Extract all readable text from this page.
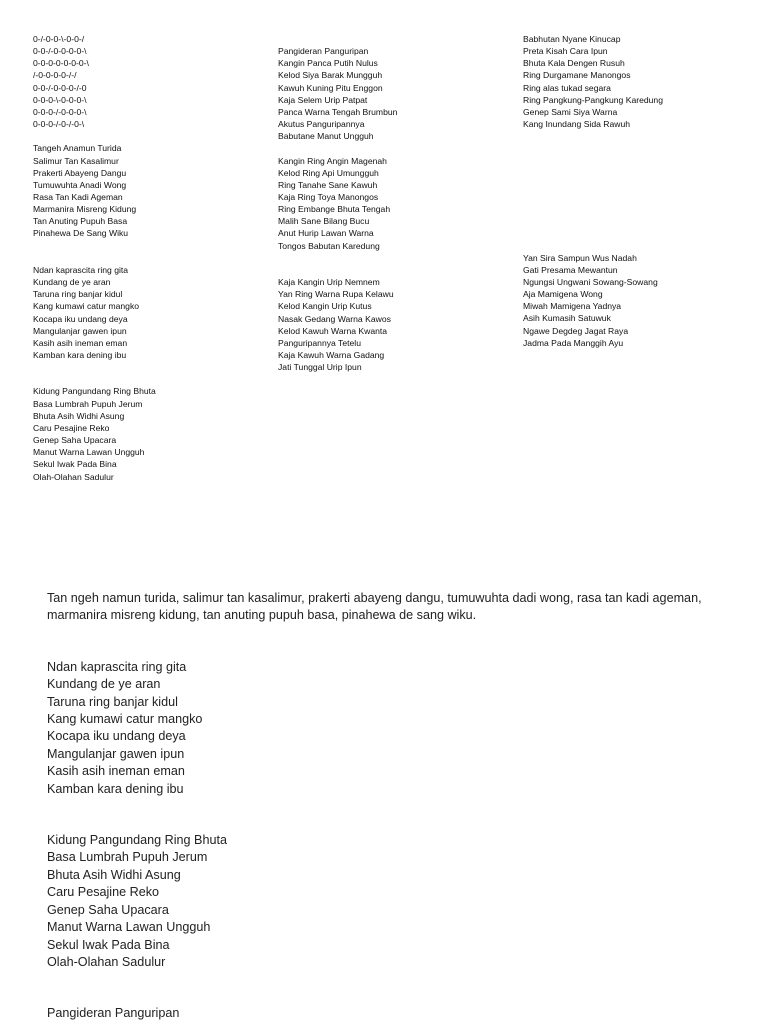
0-/-0-0-\-0-0-/
0-0-/-0-0-0-0-\
0-0-0-0-0-0-0-\
/-0-0-0-0-/-/
0-0-/-0-0-0-/-0
0-0-0-\-0-0-0-\
0-0-0-/-0-0-0-\
0-0-0-/-0-/-0-\
Tangeh Anamun Turida
Salimur Tan Kasalimur
Prakerti Abayeng Dangu
Tumuwuhta Anadi Wong
Rasa Tan Kadi Ageman
Marmanira Misreng Kidung
Tan Anuting Pupuh Basa
Pinahewa De Sang Wiku
Ndan kaprascita ring gita
Kundang de ye aran
Taruna ring banjar kidul
Kang kumawi catur mangko
Kocapa iku undang deya
Mangulanjar gawen ipun
Kasih asih ineman eman
Kamban kara dening ibu
Kidung Pangundang Ring Bhuta
Basa Lumbrah Pupuh Jerum
Bhuta Asih Widhi Asung
Caru Pesajine Reko
Genep Saha Upacara
Manut Warna Lawan Ungguh
Sekul Iwak Pada Bina
Olah-Olahan Sadulur
Pangideran Panguripan
Kangin Panca Putih Nulus
Kelod Siya Barak Mungguh
Kawuh Kuning Pitu Enggon
Kaja Selem Urip Patpat
Panca Warna Tengah Brumbun
Akutus Panguripannya
Babutane Manut Ungguh
Kangin Ring Angin Magenah
Kelod Ring Api Umungguh
Ring Tanahe Sane Kawuh
Kaja Ring Toya Manongos
Ring Embange Bhuta Tengah
Malih Sane Bilang Bucu
Anut Hurip Lawan Warna
Tongos Babutan Karedung
Kaja Kangin Urip Nemnem
Yan Ring Warna Rupa Kelawu
Kelod Kangin Urip Kutus
Nasak Gedang Warna Kawos
Kelod Kawuh Warna Kwanta
Panguripannya Tetelu
Kaja Kawuh Warna Gadang
Jati Tunggal Urip Ipun
Babhutan Nyane Kinucap
Preta Kisah Cara Ipun
Bhuta Kala Dengen Rusuh
Ring Durgamane Manongos
Ring alas tukad segara
Ring Pangkung-Pangkung Karedung
Genep Sami Siya Warna
Kang Inundang Sida Rawuh
Yan Sira Sampun Wus Nadah
Gati Presama Mewantun
Ngungsi Ungwani Sowang-Sowang
Aja Mamigena Wong
Miwah Mamigena Yadnya
Asih Kumasih Satuwuk
Ngawe Degdeg Jagat Raya
Jadma Pada Manggih Ayu

Tan ngeh namun turida, salimur tan kasalimur, prakerti abayeng dangu, tumuwuhta dadi wong, rasa tan kadi ageman, marmanira misreng kidung, tan anuting pupuh basa, pinahewa de sang wiku.

Ndan kaprascita ring gita
Kundang de ye aran
Taruna ring banjar kidul
Kang kumawi catur mangko
Kocapa iku undang deya
Mangulanjar gawen ipun
Kasih asih ineman eman
Kamban kara dening ibu
Kidung Pangundang Ring Bhuta
Basa Lumbrah Pupuh Jerum
Bhuta Asih Widhi Asung
Caru Pesajine Reko
Genep Saha Upacara
Manut Warna Lawan Ungguh
Sekul Iwak Pada Bina
Olah-Olahan Sadulur
Pangideran Panguripan
